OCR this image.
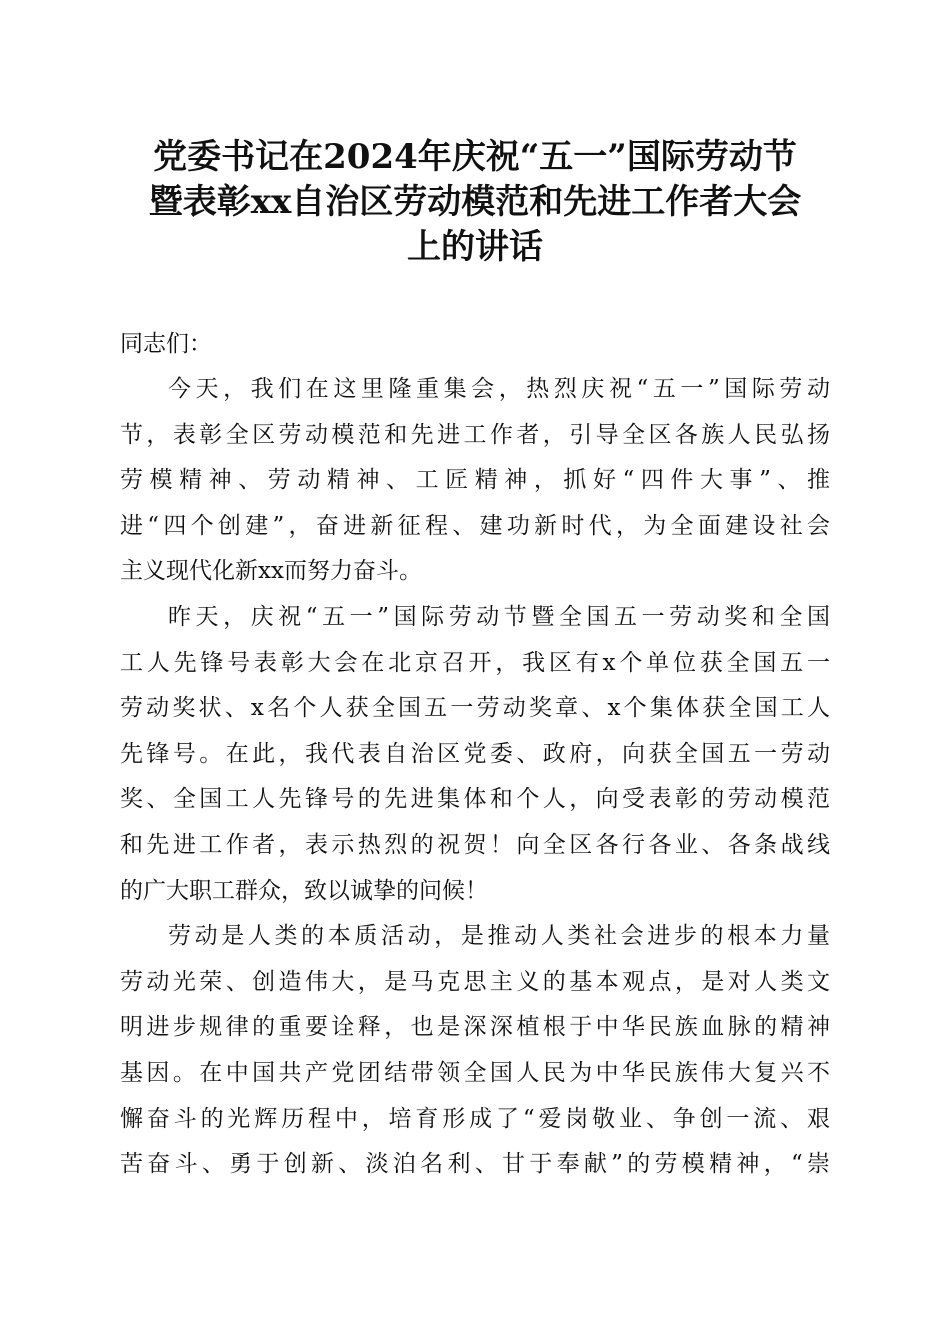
党委书记在2024年庆祝“五一”国际劳动节
暨表彰xx自治区劳动模范和先进工作者大会
上的讲话

同志们：

今天，我们在这里隆重集会，热烈庆祝“五一”国际劳动
节，表彰全区劳动模范和先进工作者，引导全区各族人民弘扬
劳模精神、劳动精神、工匠精神，抓好“四件大事”、推
进“四个创建”，奋进新征程、建功新时代，为全面建设社会
主义现代化新xx而努力奋斗。
昨天，庆祝“五一”国际劳动节暨全国五一劳动奖和全国
工人先锋号表彰大会在北京召开，我区有x个单位获全国五一
劳动奖状、x名个人获全国五一劳动奖章、x个集体获全国工人
先锋号。在此，我代表自治区党委、政府，向获全国五一劳动
奖、全国工人先锋号的先进集体和个人，向受表彰的劳动模范
和先进工作者，表示热烈的祝贺！向全区各行各业、各条战线
的广大职工群众，致以诚挚的问候！
劳动是人类的本质活动，是推动人类社会进步的根本力量
劳动光荣、创造伟大，是马克思主义的基本观点，是对人类文
明进步规律的重要诠释，也是深深植根于中华民族血脉的精神
基因。在中国共产党团结带领全国人民为中华民族伟大复兴不
懈奋斗的光辉历程中，培育形成了“爱岗敬业、争创一流、艰
苦奋斗、勇于创新、淡泊名利、甘于奉献”的劳模精神，“崇
